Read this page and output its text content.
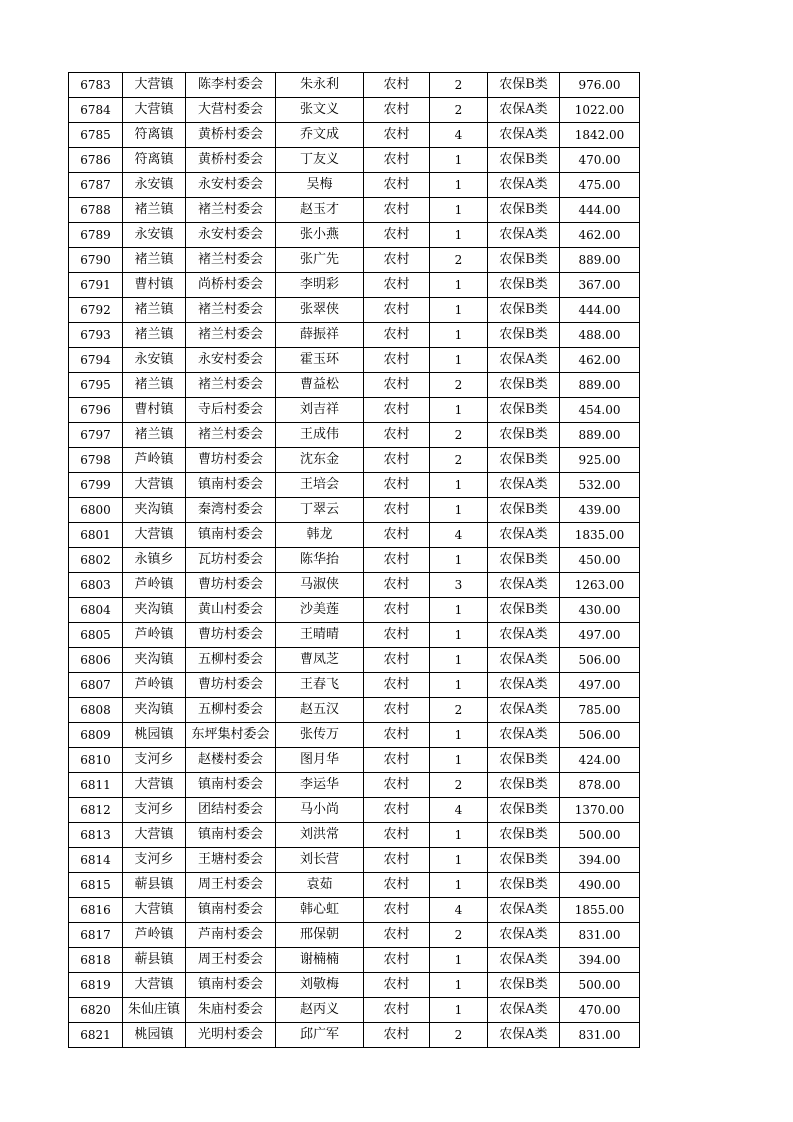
6783	大营镇	陈李村委会	朱永利	农村	2	农保B类	976.00
6784	大营镇	大营村委会	张文义	农村	2	农保A类	1022.00
6785	符离镇	黄桥村委会	乔文成	农村	4	农保A类	1842.00
6786	符离镇	黄桥村委会	丁友义	农村	1	农保B类	470.00
6787	永安镇	永安村委会	吴梅	农村	1	农保A类	475.00
6788	褚兰镇	褚兰村委会	赵玉才	农村	1	农保B类	444.00
6789	永安镇	永安村委会	张小燕	农村	1	农保A类	462.00
6790	褚兰镇	褚兰村委会	张广先	农村	2	农保B类	889.00
6791	曹村镇	尚桥村委会	李明彩	农村	1	农保B类	367.00
6792	褚兰镇	褚兰村委会	张翠侠	农村	1	农保B类	444.00
6793	褚兰镇	褚兰村委会	薛振祥	农村	1	农保B类	488.00
6794	永安镇	永安村委会	霍玉环	农村	1	农保A类	462.00
6795	褚兰镇	褚兰村委会	曹益松	农村	2	农保B类	889.00
6796	曹村镇	寺后村委会	刘吉祥	农村	1	农保B类	454.00
6797	褚兰镇	褚兰村委会	王成伟	农村	2	农保B类	889.00
6798	芦岭镇	曹坊村委会	沈东金	农村	2	农保B类	925.00
6799	大营镇	镇南村委会	王培会	农村	1	农保A类	532.00
6800	夹沟镇	秦湾村委会	丁翠云	农村	1	农保B类	439.00
6801	大营镇	镇南村委会	韩龙	农村	4	农保A类	1835.00
6802	永镇乡	瓦坊村委会	陈华抬	农村	1	农保B类	450.00
6803	芦岭镇	曹坊村委会	马淑侠	农村	3	农保A类	1263.00
6804	夹沟镇	黄山村委会	沙美莲	农村	1	农保B类	430.00
6805	芦岭镇	曹坊村委会	王晴晴	农村	1	农保A类	497.00
6806	夹沟镇	五柳村委会	曹凤芝	农村	1	农保A类	506.00
6807	芦岭镇	曹坊村委会	王春飞	农村	1	农保A类	497.00
6808	夹沟镇	五柳村委会	赵五汉	农村	2	农保A类	785.00
6809	桃园镇	东坪集村委会	张传万	农村	1	农保A类	506.00
6810	支河乡	赵楼村委会	图月华	农村	1	农保B类	424.00
6811	大营镇	镇南村委会	李运华	农村	2	农保B类	878.00
6812	支河乡	团结村委会	马小尚	农村	4	农保B类	1370.00
6813	大营镇	镇南村委会	刘洪常	农村	1	农保B类	500.00
6814	支河乡	王塘村委会	刘长营	农村	1	农保B类	394.00
6815	蕲县镇	周王村委会	袁茹	农村	1	农保B类	490.00
6816	大营镇	镇南村委会	韩心虹	农村	4	农保A类	1855.00
6817	芦岭镇	芦南村委会	邢保朝	农村	2	农保A类	831.00
6818	蕲县镇	周王村委会	谢楠楠	农村	1	农保A类	394.00
6819	大营镇	镇南村委会	刘敬梅	农村	1	农保B类	500.00
6820	朱仙庄镇	朱庙村委会	赵丙义	农村	1	农保A类	470.00
6821	桃园镇	光明村委会	邱广军	农村	2	农保A类	831.00
